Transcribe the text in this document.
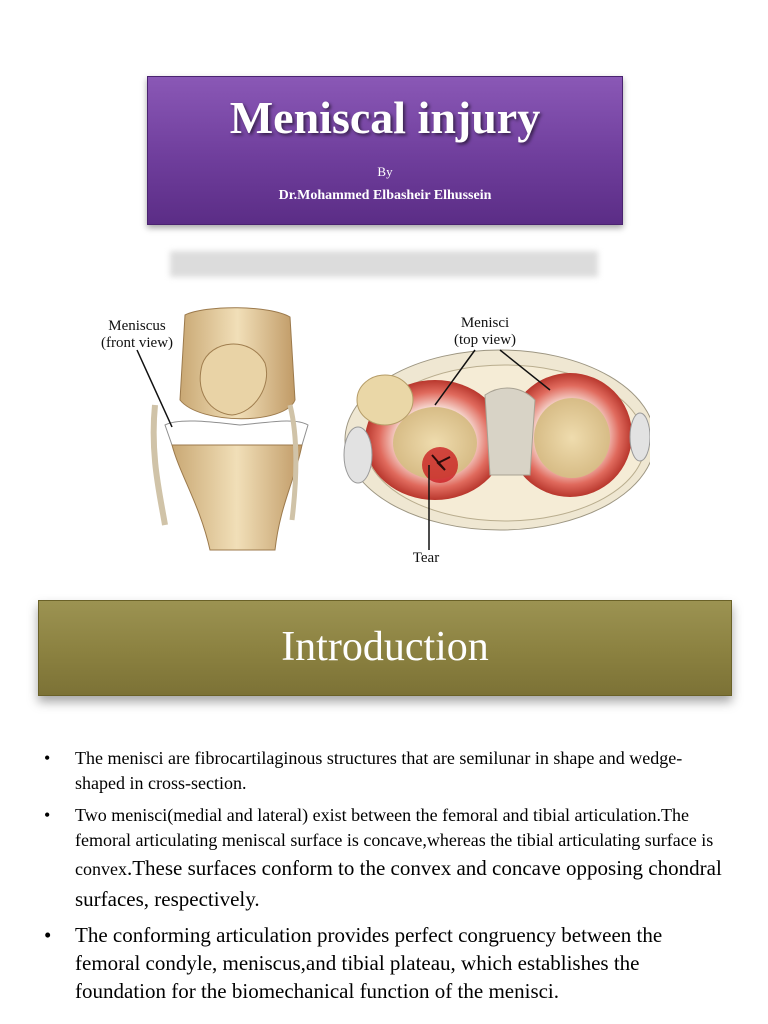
Meniscal injury
By
Dr.Mohammed Elbasheir Elhussein
Meniscus
(front view)
Menisci
(top view)
Tear
Introduction
• The menisci are fibrocartilaginous structures that are semilunar in shape and wedge-shaped in cross-section.
• Two menisci(medial and lateral) exist between the femoral and tibial articulation.The femoral articulating meniscal surface is concave,whereas the tibial articulating surface is convex.These surfaces conform to the convex and concave opposing chondral surfaces, respectively.
• The conforming articulation provides perfect congruency between the femoral condyle, meniscus,and tibial plateau, which establishes the foundation for the biomechanical function of the menisci.
